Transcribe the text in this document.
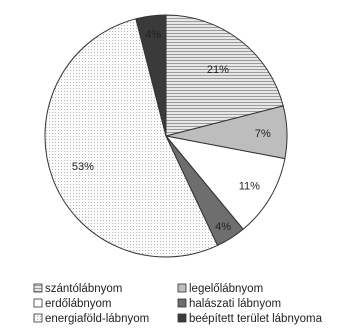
21%
7%
11%
4%
53%
4%
szántólábnyom	legelőlábnyom
erdőlábnyom	halászati lábnyom
energiaföld-lábnyom	beépített terület lábnyoma
